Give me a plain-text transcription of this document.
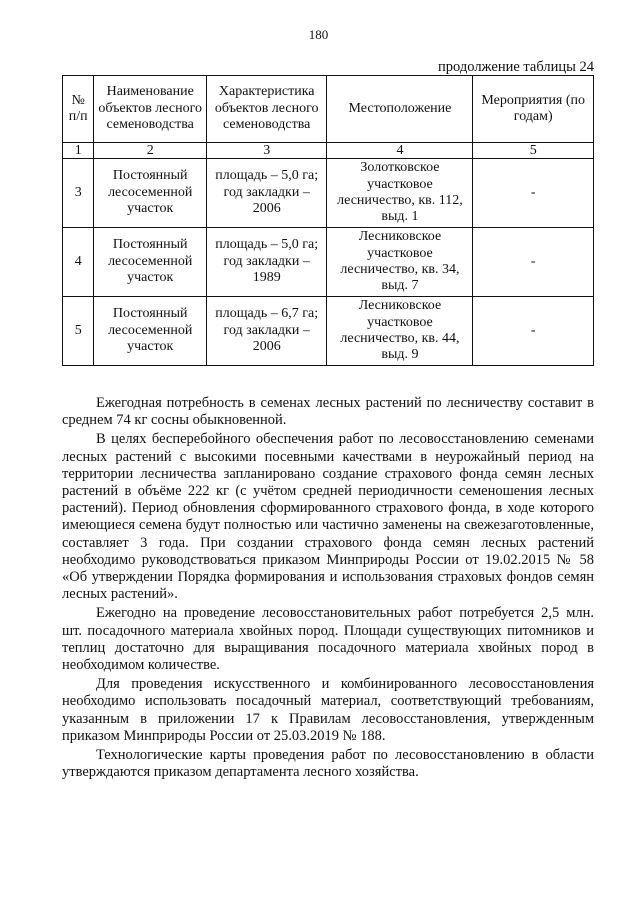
180
продолжение таблицы 24
№ п/п	Наименование объектов лесного семеноводства	Характеристика объектов лесного семеноводства	Местоположение	Мероприятия (по годам)
1	2	3	4	5
3	Постоянный лесосеменной участок	площадь – 5,0 га; год закладки – 2006	Золотковское участковое лесничество, кв. 112, выд. 1	-
4	Постоянный лесосеменной участок	площадь – 5,0 га; год закладки – 1989	Лесниковское участковое лесничество, кв. 34, выд. 7	-
5	Постоянный лесосеменной участок	площадь – 6,7 га; год закладки – 2006	Лесниковское участковое лесничество, кв. 44, выд. 9	-

Ежегодная потребность в семенах лесных растений по лесничеству составит в среднем 74 кг сосны обыкновенной.

В целях бесперебойного обеспечения работ по лесовосстановлению семенами лесных растений с высокими посевными качествами в неурожайный период на территории лесничества запланировано создание страхового фонда семян лесных растений в объёме 222 кг (с учётом средней периодичности семеношения лесных растений). Период обновления сформированного страхового фонда, в ходе которого имеющиеся семена будут полностью или частично заменены на свежезаготовленные, составляет 3 года. При создании страхового фонда семян лесных растений необходимо руководствоваться приказом Минприроды России от 19.02.2015 № 58 «Об утверждении Порядка формирования и использования страховых фондов семян лесных растений».

Ежегодно на проведение лесовосстановительных работ потребуется 2,5 млн. шт. посадочного материала хвойных пород. Площади существующих питомников и теплиц достаточно для выращивания посадочного материала хвойных пород в необходимом количестве.

Для проведения искусственного и комбинированного лесовосстановления необходимо использовать посадочный материал, соответствующий требованиям, указанным в приложении 17 к Правилам лесовосстановления, утвержденным приказом Минприроды России от 25.03.2019 № 188.

Технологические карты проведения работ по лесовосстановлению в области утверждаются приказом департамента лесного хозяйства.
